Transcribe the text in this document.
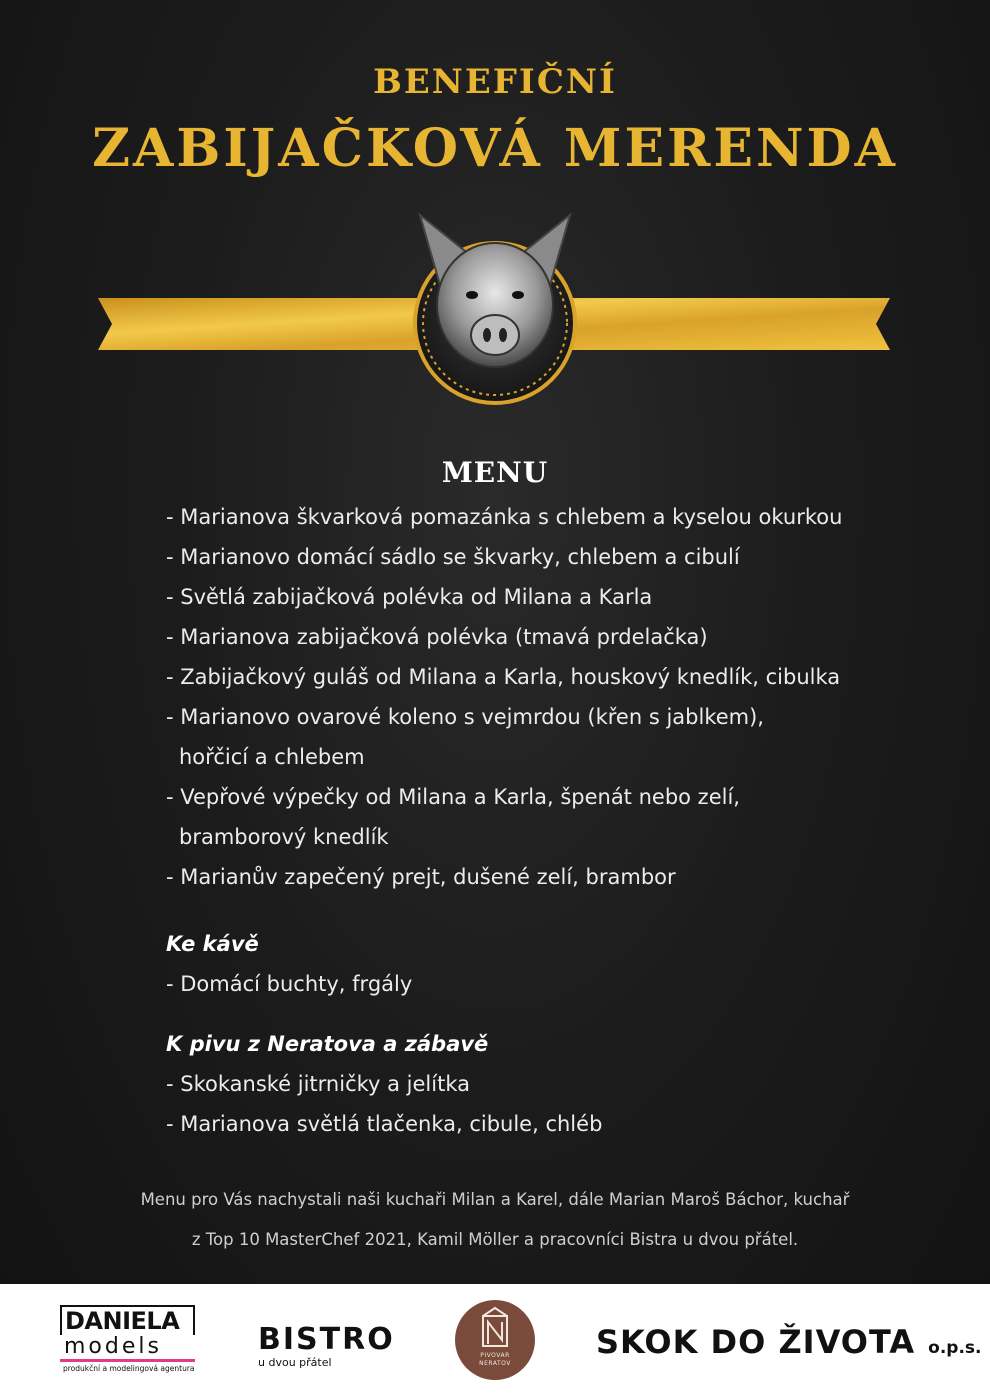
BENEFIČNÍ
ZABIJAČKOVÁ MERENDA
MENU
- Marianova škvarková pomazánka s chlebem a kyselou okurkou
- Marianovo domácí sádlo se škvarky, chlebem a cibulí
- Světlá zabijačková polévka od Milana a Karla
- Marianova zabijačková polévka (tmavá prdelačka)
- Zabijačkový guláš od Milana a Karla, houskový knedlík, cibulka
- Marianovo ovarové koleno s vejmrdou (křen s jablkem),
hořčicí a chlebem
- Vepřové výpečky od Milana a Karla, špenát nebo zelí,
bramborový knedlík
- Marianův zapečený prejt, dušené zelí, brambor
Ke kávě
- Domácí buchty, frgály
K pivu z Neratova a zábavě
- Skokanské jitrničky a jelítka
- Marianova světlá tlačenka, cibule, chléb
Menu pro Vás nachystali naši kuchaři Milan a Karel, dále Marian Maroš Báchor, kuchař
z Top 10 MasterChef 2021, Kamil Möller a pracovníci Bistra u dvou přátel.
DANIELA
models
produkční a modelingová agentura
BISTRO
u dvou přátel
PIVOVAR
NERATOV
SKOK DO ŽIVOTA o.p.s.
